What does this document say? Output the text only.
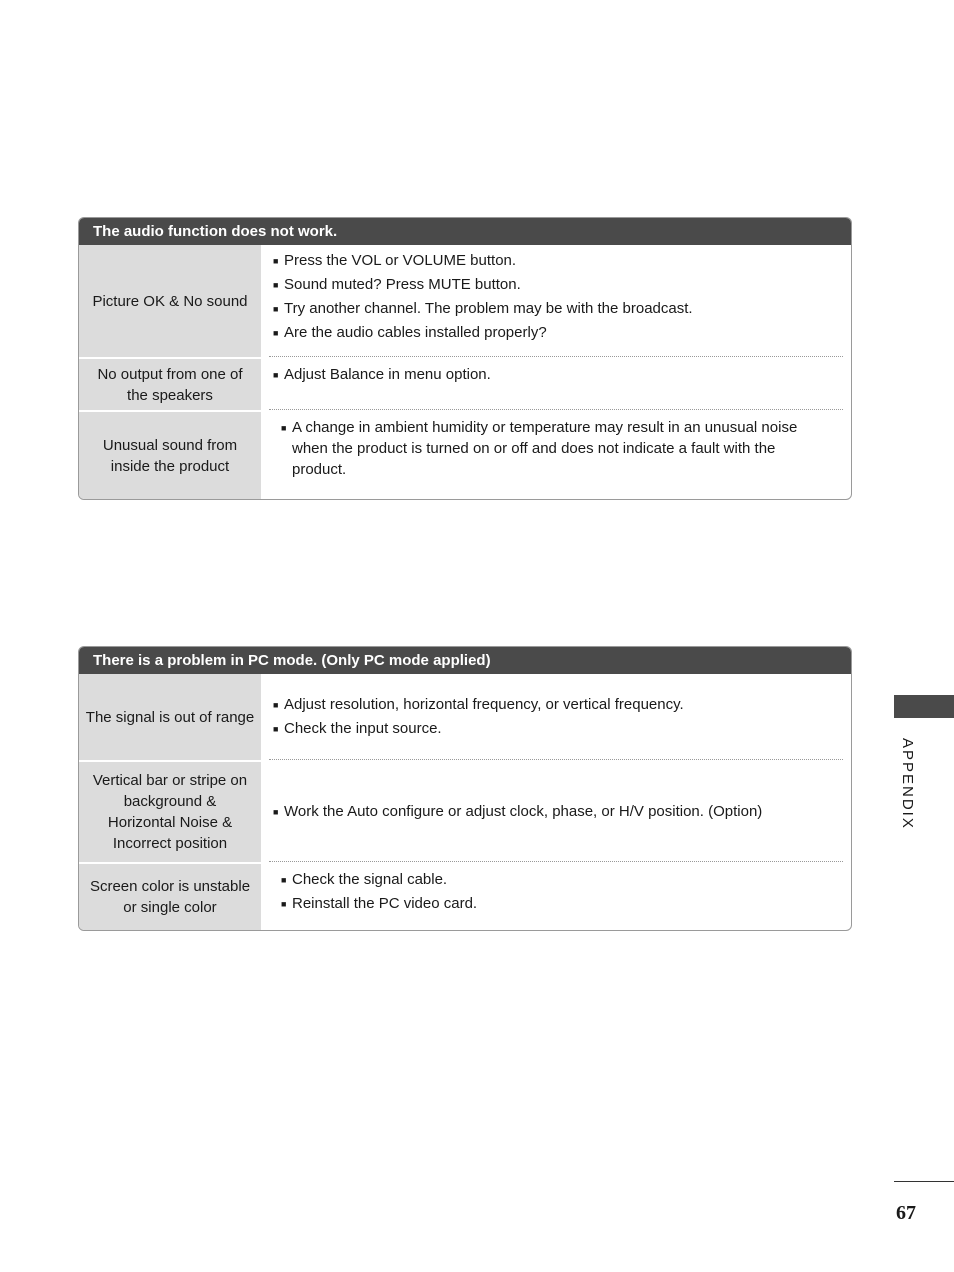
The audio function does not work.
Picture OK & No sound
■ Press the VOL or VOLUME button.
■ Sound muted? Press MUTE button.
■ Try another channel. The problem may be with the broadcast.
■ Are the audio cables installed properly?
No output from one of the speakers
■ Adjust Balance in menu option.
Unusual sound from inside the product
■ A change in ambient humidity or temperature may result in an unusual noise when the product is turned on or off and does not indicate a fault with the product.
There is a problem in PC mode. (Only PC mode applied)
The signal is out of range
■ Adjust resolution, horizontal frequency, or vertical frequency.
■ Check the input source.
Vertical bar or stripe on background & Horizontal Noise & Incorrect position
■ Work the Auto configure or adjust clock, phase, or H/V position. (Option)
Screen color is unstable or single color
■ Check the signal cable.
■ Reinstall the PC video card.
APPENDIX
67
